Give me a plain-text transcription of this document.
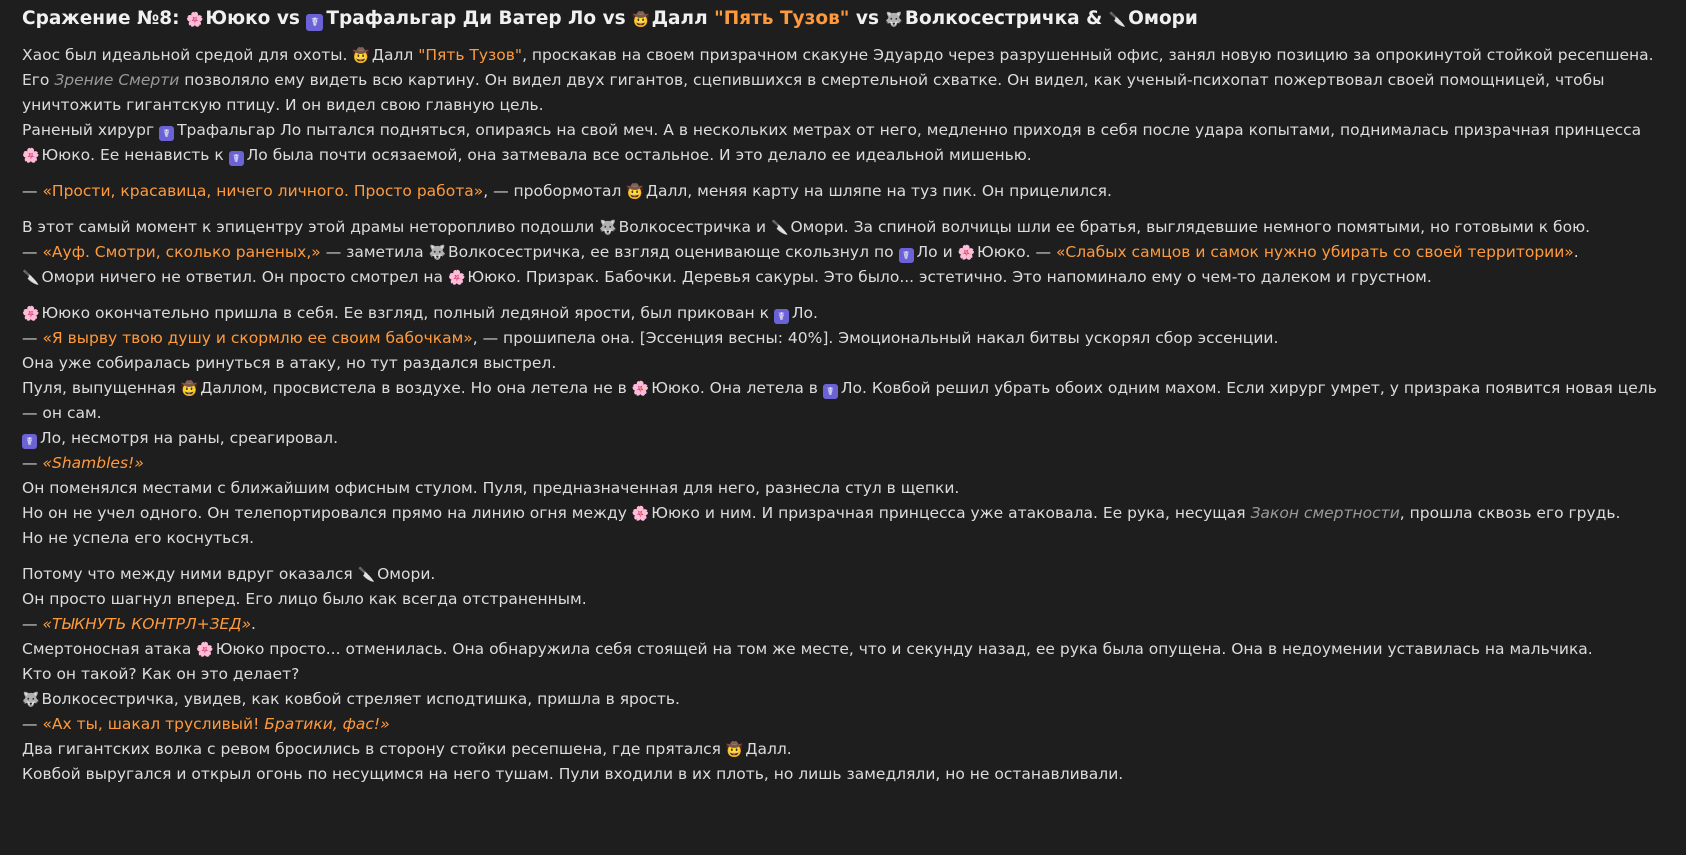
Сражение №8: 🌸 Ююко vs ☤ Трафальгар Ди Ватер Ло vs 🤠 Далл "Пять Тузов" vs 🐺 Волкосестричка & 🔪 Омори
Хаос был идеальной средой для охоты. 🤠 Далл "Пять Тузов", проскакав на своем призрачном скакуне Эдуардо через разрушенный офис, занял новую позицию за опрокинутой стойкой ресепшена. Его Зрение Смерти позволяло ему видеть всю картину. Он видел двух гигантов, сцепившихся в смертельной схватке. Он видел, как ученый-психопат пожертвовал своей помощницей, чтобы уничтожить гигантскую птицу. И он видел свою главную цель.
Раненый хирург ☤ Трафальгар Ло пытался подняться, опираясь на свой меч. А в нескольких метрах от него, медленно приходя в себя после удара копытами, поднималась призрачная принцесса 🌸 Ююко. Ее ненависть к ☤ Ло была почти осязаемой, она затмевала все остальное. И это делало ее идеальной мишенью.
— «Прости, красавица, ничего личного. Просто работа», — пробормотал 🤠 Далл, меняя карту на шляпе на туз пик. Он прицелился.
В этот самый момент к эпицентру этой драмы неторопливо подошли 🐺 Волкосестричка и 🔪 Омори. За спиной волчицы шли ее братья, выглядевшие немного помятыми, но готовыми к бою.
— «Ауф. Смотри, сколько раненых,» — заметила 🐺 Волкосестричка, ее взгляд оценивающе скользнул по ☤ Ло и 🌸 Ююко. — «Слабых самцов и самок нужно убирать со своей территории».
🔪 Омори ничего не ответил. Он просто смотрел на 🌸 Ююко. Призрак. Бабочки. Деревья сакуры. Это было... эстетично. Это напоминало ему о чем-то далеком и грустном.
🌸 Ююко окончательно пришла в себя. Ее взгляд, полный ледяной ярости, был прикован к ☤ Ло.
— «Я вырву твою душу и скормлю ее своим бабочкам», — прошипела она. [Эссенция весны: 40%]. Эмоциональный накал битвы ускорял сбор эссенции.
Она уже собиралась ринуться в атаку, но тут раздался выстрел.
Пуля, выпущенная 🤠 Даллом, просвистела в воздухе. Но она летела не в 🌸 Ююко. Она летела в ☤ Ло. Ковбой решил убрать обоих одним махом. Если хирург умрет, у призрака появится новая цель — он сам.
☤ Ло, несмотря на раны, среагировал.
— «Shambles!»
Он поменялся местами с ближайшим офисным стулом. Пуля, предназначенная для него, разнесла стул в щепки.
Но он не учел одного. Он телепортировался прямо на линию огня между 🌸 Ююко и ним. И призрачная принцесса уже атаковала. Ее рука, несущая Закон смертности, прошла сквозь его грудь.
Но не успела его коснуться.
Потому что между ними вдруг оказался 🔪 Омори.
Он просто шагнул вперед. Его лицо было как всегда отстраненным.
— «ТЫКНУТЬ КОНТРЛ+ЗЕД».
Смертоносная атака 🌸 Ююко просто... отменилась. Она обнаружила себя стоящей на том же месте, что и секунду назад, ее рука была опущена. Она в недоумении уставилась на мальчика.
Кто он такой? Как он это делает?
🐺 Волкосестричка, увидев, как ковбой стреляет исподтишка, пришла в ярость.
— «Ах ты, шакал трусливый! Братики, фас!»
Два гигантских волка с ревом бросились в сторону стойки ресепшена, где прятался 🤠 Далл.
Ковбой выругался и открыл огонь по несущимся на него тушам. Пули входили в их плоть, но лишь замедляли, но не останавливали.
